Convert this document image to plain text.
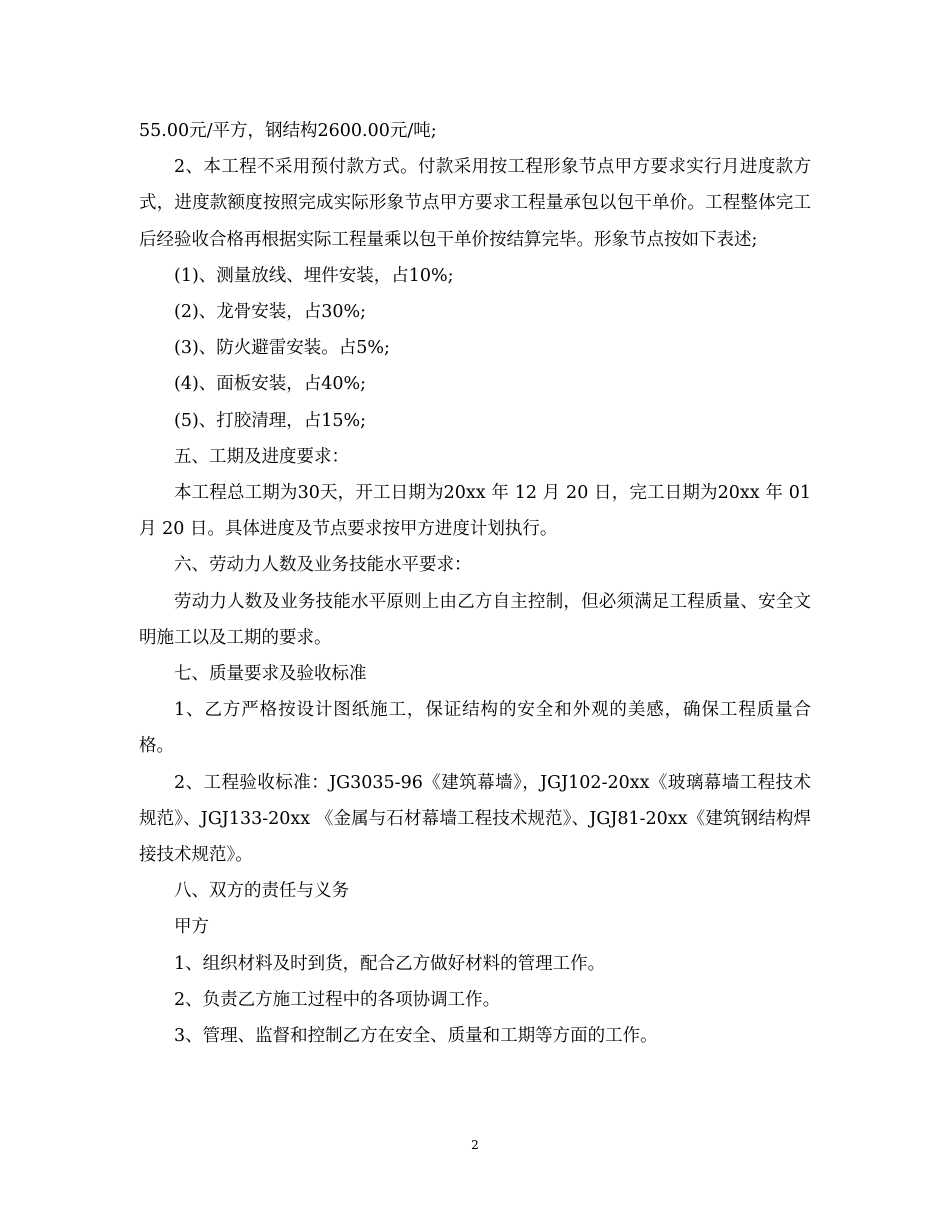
55.00元/平方，钢结构2600.00元/吨;

2、本工程不采用预付款方式。付款采用按工程形象节点甲方要求实行月进度款方式，进度款额度按照完成实际形象节点甲方要求工程量承包以包干单价。工程整体完工后经验收合格再根据实际工程量乘以包干单价按结算完毕。形象节点按如下表述;

(1)、测量放线、埋件安装，占10%;

(2)、龙骨安装，占30%;

(3)、防火避雷安装。占5%;

(4)、面板安装，占40%;

(5)、打胶清理，占15%;

五、工期及进度要求：

本工程总工期为30天，开工日期为20xx 年 12 月 20 日，完工日期为20xx 年 01 月 20 日。具体进度及节点要求按甲方进度计划执行。

六、劳动力人数及业务技能水平要求：

劳动力人数及业务技能水平原则上由乙方自主控制，但必须满足工程质量、安全文明施工以及工期的要求。

七、质量要求及验收标准

1、乙方严格按设计图纸施工，保证结构的安全和外观的美感，确保工程质量合格。

2、工程验收标准：JG3035-96《建筑幕墙》，JGJ102-20xx《玻璃幕墙工程技术规范》、JGJ133-20xx 《金属与石材幕墙工程技术规范》、JGJ81-20xx《建筑钢结构焊接技术规范》。

八、双方的责任与义务

甲方

1、组织材料及时到货，配合乙方做好材料的管理工作。

2、负责乙方施工过程中的各项协调工作。

3、管理、监督和控制乙方在安全、质量和工期等方面的工作。

2
